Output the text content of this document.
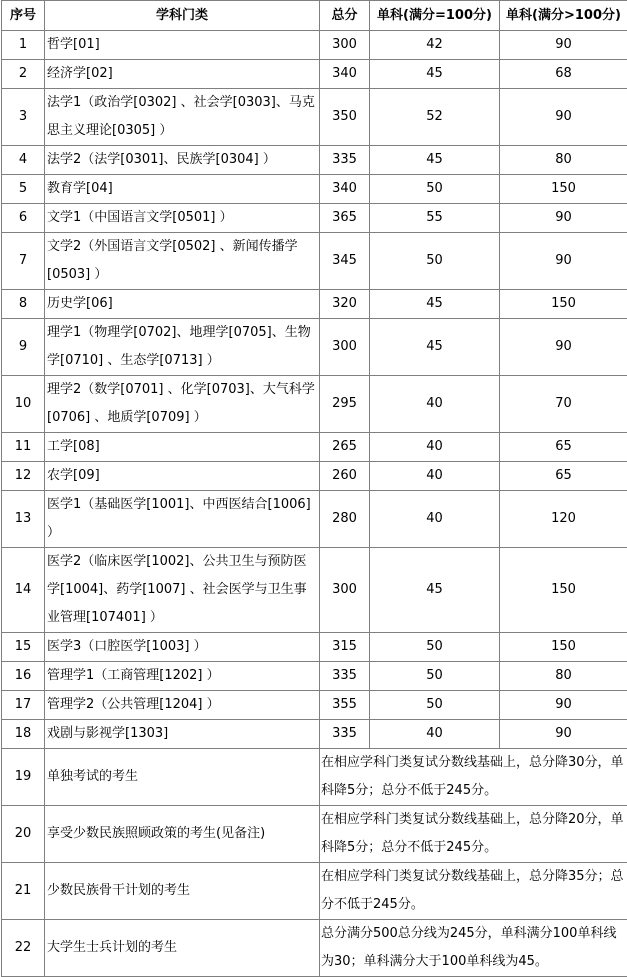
序号	学科门类	总分	单科(满分=100分)	单科(满分>100分)
1	哲学[01]	300	42	90
2	经济学[02]	340	45	68
3	法学1（政治学[0302] 、社会学[0303]、马克思主义理论[0305] ）	350	52	90
4	法学2（法学[0301]、民族学[0304] ）	335	45	80
5	教育学[04]	340	50	150
6	文学1（中国语言文学[0501] ）	365	55	90
7	文学2（外国语言文学[0502] 、新闻传播学[0503] ）	345	50	90
8	历史学[06]	320	45	150
9	理学1（物理学[0702]、地理学[0705]、生物学[0710] 、生态学[0713] ）	300	45	90
10	理学2（数学[0701] 、化学[0703]、大气科学[0706] 、地质学[0709] ）	295	40	70
11	工学[08]	265	40	65
12	农学[09]	260	40	65
13	医学1（基础医学[1001]、中西医结合[1006] ）	280	40	120
14	医学2（临床医学[1002]、公共卫生与预防医学[1004]、药学[1007] 、社会医学与卫生事业管理[107401] ）	300	45	150
15	医学3（口腔医学[1003] ）	315	50	150
16	管理学1（工商管理[1202] ）	335	50	80
17	管理学2（公共管理[1204] ）	355	50	90
18	戏剧与影视学[1303]	335	40	90
19	单独考试的考生	在相应学科门类复试分数线基础上，总分降30分，单科降5分；总分不低于245分。		
20	享受少数民族照顾政策的考生(见备注)	在相应学科门类复试分数线基础上，总分降20分，单科降5分；总分不低于245分。		
21	少数民族骨干计划的考生	在相应学科门类复试分数线基础上，总分降35分；总分不低于245分。		
22	大学生士兵计划的考生	总分满分500总分线为245分，单科满分100单科线为30；单科满分大于100单科线为45。		
